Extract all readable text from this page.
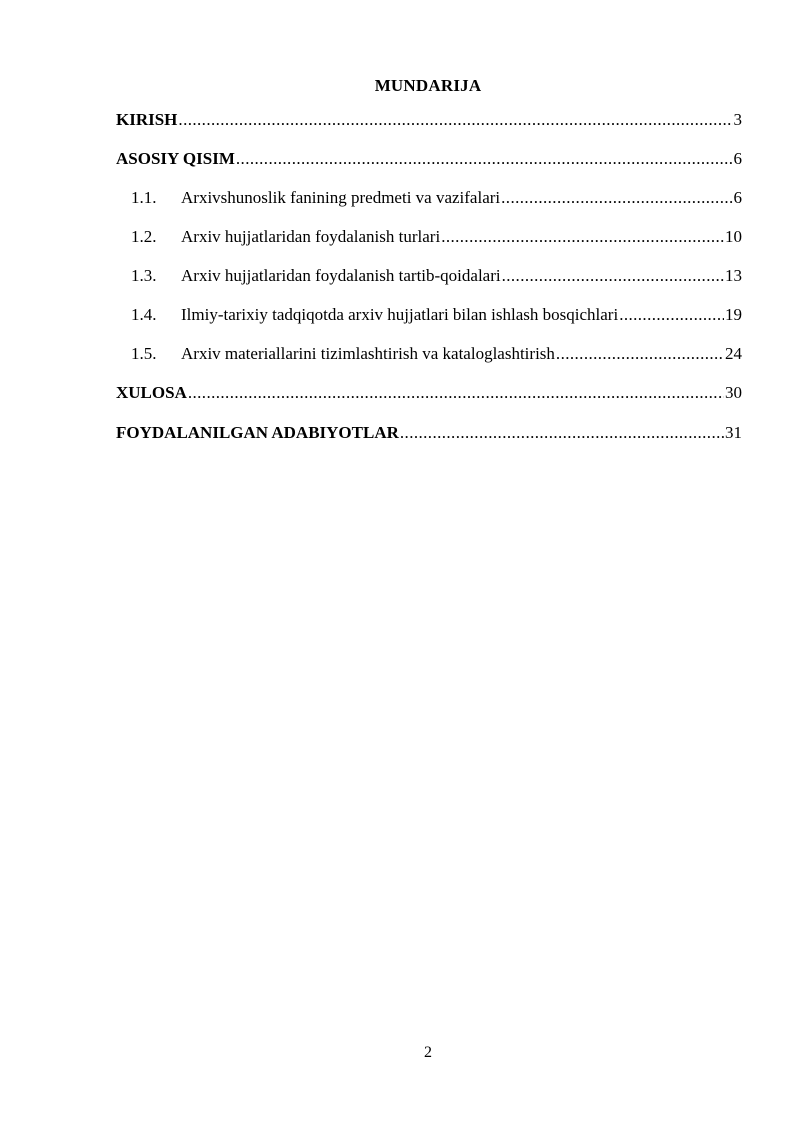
MUNDARIJA
KIRISH .....	3
ASOSIY QISIM .....	6
1.1.	Arxivshunoslik fanining predmeti va vazifalari .....	6
1.2.	Arxiv hujjatlaridan foydalanish turlari .....	10
1.3.	Arxiv hujjatlaridan foydalanish tartib-qoidalari .....	13
1.4.	Ilmiy-tarixiy tadqiqotda arxiv hujjatlari bilan ishlash bosqichlari .....	19
1.5.	Arxiv materiallarini tizimlashtirish va kataloglashtirish .....	24
XULOSA .....	30
FOYDALANILGAN ADABIYOTLAR .....	31
2
